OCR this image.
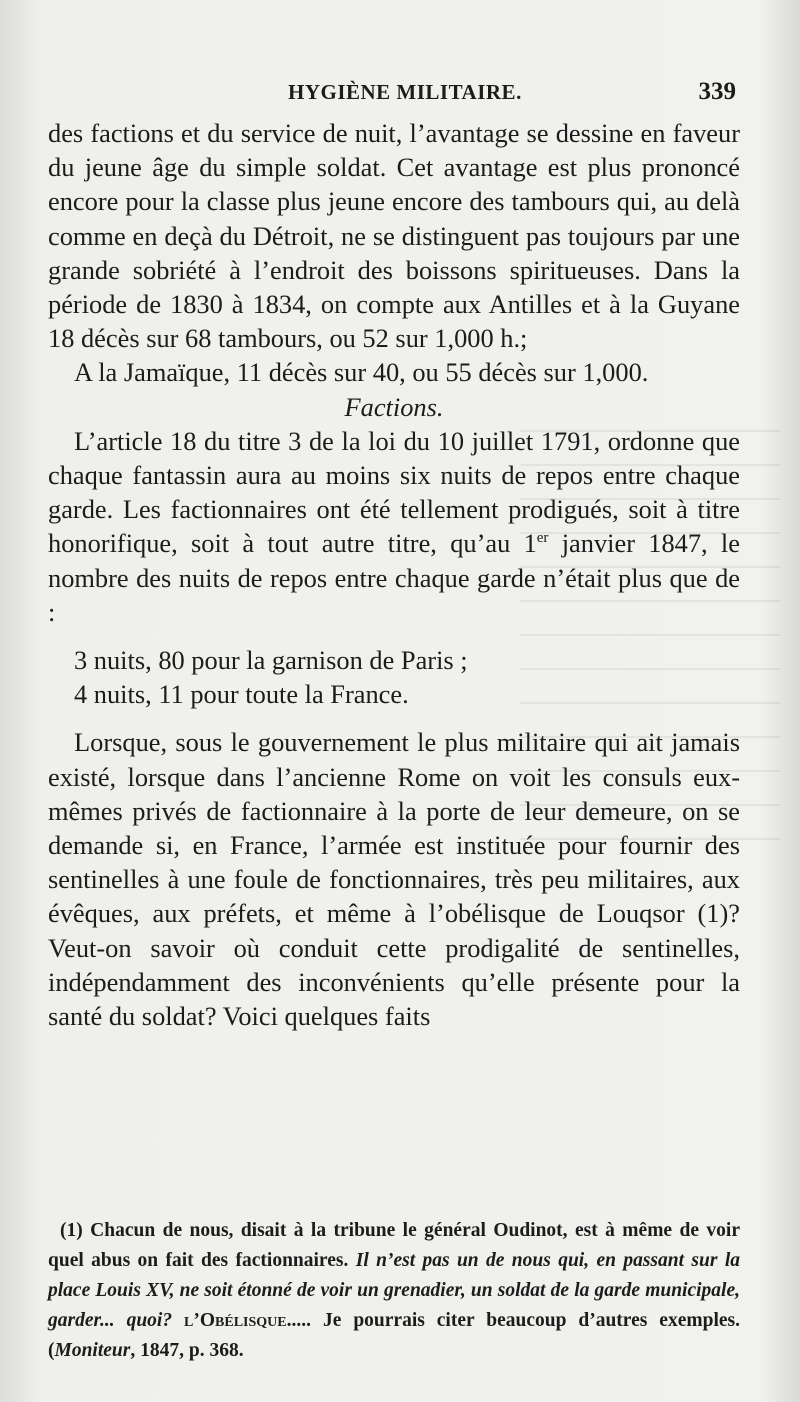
HYGIÈNE MILITAIRE.	339

des factions et du service de nuit, l’avantage se dessine en faveur du jeune âge du simple soldat. Cet avantage est plus prononcé encore pour la classe plus jeune encore des tambours qui, au delà comme en deçà du Détroit, ne se distinguent pas toujours par une grande sobriété à l’endroit des boissons spiritueuses. Dans la période de 1830 à 1834, on compte aux Antilles et à la Guyane 18 décès sur 68 tambours, ou 52 sur 1,000 h.;

A la Jamaïque, 11 décès sur 40, ou 55 décès sur 1,000.

Factions.

L’article 18 du titre 3 de la loi du 10 juillet 1791, ordonne que chaque fantassin aura au moins six nuits de repos entre chaque garde. Les factionnaires ont été tellement prodigués, soit à titre honorifique, soit à tout autre titre, qu’au 1er janvier 1847, le nombre des nuits de repos entre chaque garde n’était plus que de :

3 nuits, 80 pour la garnison de Paris ;

4 nuits, 11 pour toute la France.

Lorsque, sous le gouvernement le plus militaire qui ait jamais existé, lorsque dans l’ancienne Rome on voit les consuls eux-mêmes privés de factionnaire à la porte de leur demeure, on se demande si, en France, l’armée est instituée pour fournir des sentinelles à une foule de fonctionnaires, très peu militaires, aux évêques, aux préfets, et même à l’obélisque de Louqsor (1)? Veut-on savoir où conduit cette prodigalité de sentinelles, indépendamment des inconvénients qu’elle présente pour la santé du soldat? Voici quelques faits

(1) Chacun de nous, disait à la tribune le général Oudinot, est à même de voir quel abus on fait des factionnaires. Il n’est pas un de nous qui, en passant sur la place Louis XV, ne soit étonné de voir un grenadier, un soldat de la garde municipale, garder... quoi? l’Obélisque..... Je pourrais citer beaucoup d’autres exemples. (Moniteur, 1847, p. 368.
